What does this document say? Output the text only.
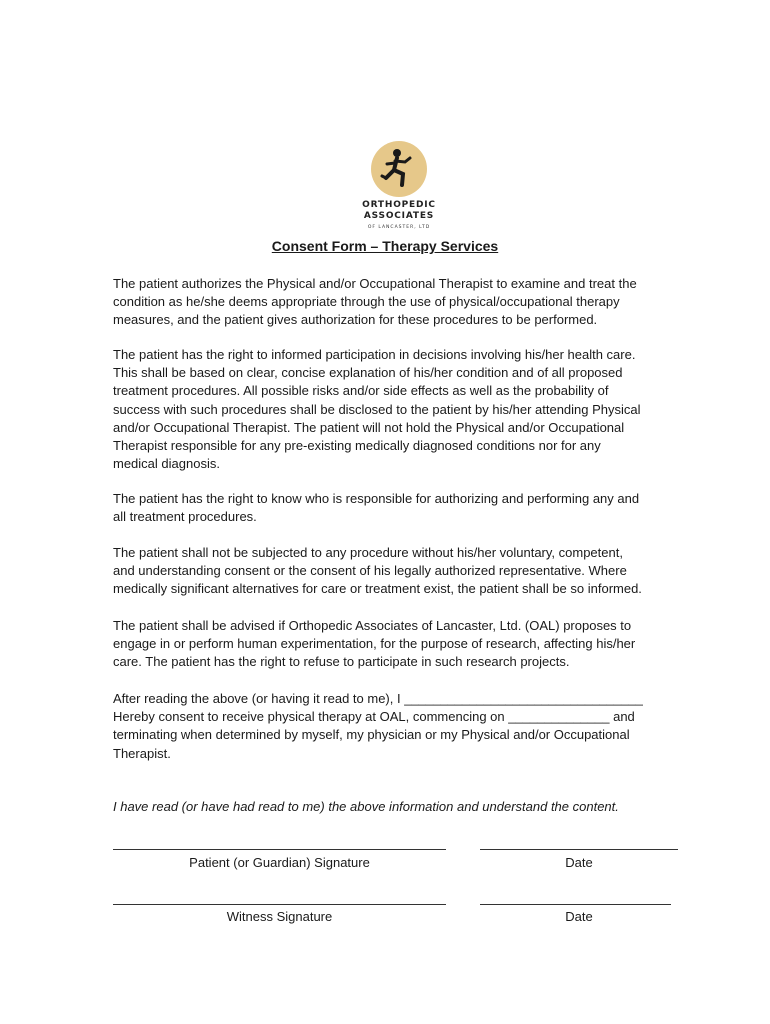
ORTHOPEDIC
ASSOCIATES
OF LANCASTER, LTD
Consent Form – Therapy Services
The patient authorizes the Physical and/or Occupational Therapist to examine and treat the
condition as he/she deems appropriate through the use of physical/occupational therapy
measures, and the patient gives authorization for these procedures to be performed.
The patient has the right to informed participation in decisions involving his/her health care.
This shall be based on clear, concise explanation of his/her condition and of all proposed
treatment procedures. All possible risks and/or side effects as well as the probability of
success with such procedures shall be disclosed to the patient by his/her attending Physical
and/or Occupational Therapist. The patient will not hold the Physical and/or Occupational
Therapist responsible for any pre-existing medically diagnosed conditions nor for any
medical diagnosis.
The patient has the right to know who is responsible for authorizing and performing any and
all treatment procedures.
The patient shall not be subjected to any procedure without his/her voluntary, competent,
and understanding consent or the consent of his legally authorized representative. Where
medically significant alternatives for care or treatment exist, the patient shall be so informed.
The patient shall be advised if Orthopedic Associates of Lancaster, Ltd. (OAL) proposes to
engage in or perform human experimentation, for the purpose of research, affecting his/her
care. The patient has the right to refuse to participate in such research projects.
After reading the above (or having it read to me), I _________________________________
Hereby consent to receive physical therapy at OAL, commencing on ______________ and
terminating when determined by myself, my physician or my Physical and/or Occupational
Therapist.
I have read (or have had read to me) the above information and understand the content.
Patient (or Guardian) Signature	Date
Witness Signature	Date
